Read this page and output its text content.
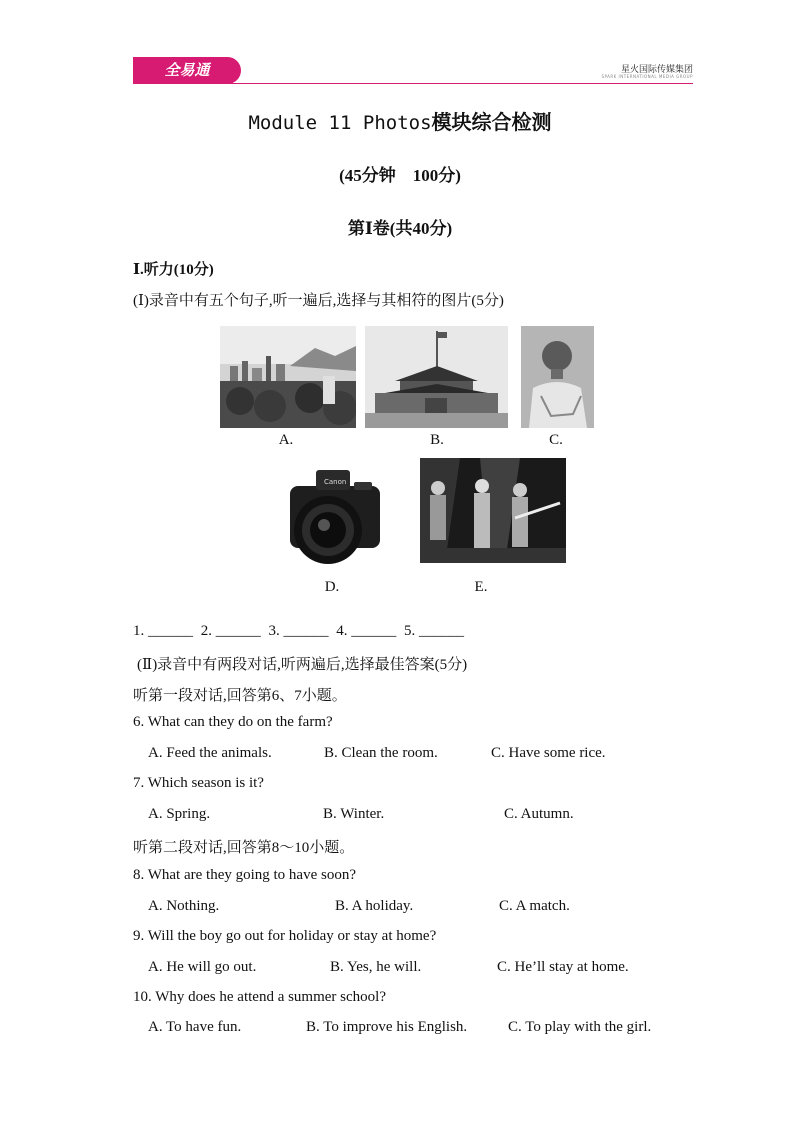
全易通	星火国际传媒集团
SPARK INTERNATIONAL MEDIA GROUP
Module 11 Photos模块综合检测
(45分钟　100分)
第Ⅰ卷(共40分)
Ⅰ.听力(10分)
(Ⅰ)录音中有五个句子,听一遍后,选择与其相符的图片(5分)
A.	B.	C.
Canon
D.	E.
1. ______ 2. ______ 3. ______ 4. ______ 5. ______
(Ⅱ)录音中有两段对话,听两遍后,选择最佳答案(5分)
听第一段对话,回答第6、7小题。
6. What can they do on the farm?
A. Feed the animals.	B. Clean the room.	C. Have some rice.
7. Which season is it?
A. Spring.	B. Winter.	C. Autumn.
听第二段对话,回答第8～10小题。
8. What are they going to have soon?
A. Nothing.	B. A holiday.	C. A match.
9. Will the boy go out for holiday or stay at home?
A. He will go out.	B. Yes, he will.	C. He’ll stay at home.
10. Why does he attend a summer school?
A. To have fun.	B. To improve his English.	C. To play with the girl.
